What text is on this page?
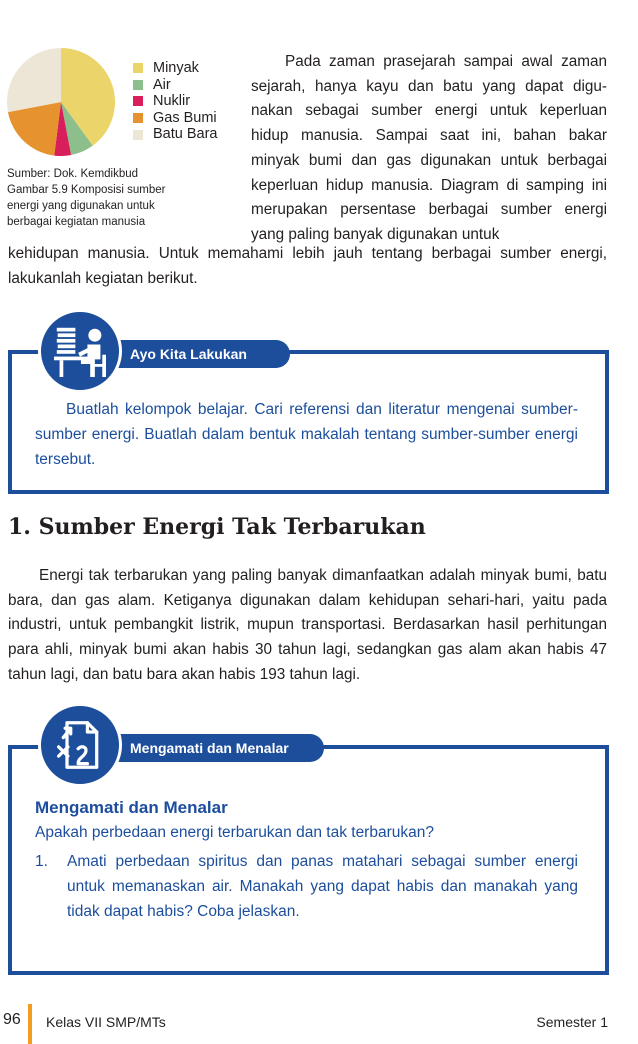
Minyak
Air
Nuklir
Gas Bumi
Batu Bara
Sumber: Dok. Kemdikbud
Gambar 5.9 Komposisi sumber
energi yang digunakan untuk
berbagai kegiatan manusia

Pada zaman prasejarah sampai awal zaman sejarah, hanya kayu dan batu yang dapat digu-nakan sebagai sumber energi untuk keperluan hidup manusia. Sampai saat ini, bahan bakar minyak bumi dan gas digunakan untuk berbagai keperluan hidup manusia. Diagram di samping ini merupakan persentase berbagai sumber energi yang paling banyak digunakan untuk

kehidupan manusia. Untuk memahami lebih jauh tentang berbagai sumber energi, lakukanlah kegiatan berikut.

Ayo Kita Lakukan

Buatlah kelompok belajar. Cari referensi dan literatur mengenai sumber-sumber energi. Buatlah dalam bentuk makalah tentang sumber-sumber energi tersebut.

1. Sumber Energi Tak Terbarukan

Energi tak terbarukan yang paling banyak dimanfaatkan adalah minyak bumi, batu bara, dan gas alam. Ketiganya digunakan dalam kehidupan sehari-hari, yaitu pada industri, untuk pembangkit listrik, mupun transportasi. Berdasarkan hasil perhitungan para ahli, minyak bumi akan habis 30 tahun lagi, sedangkan gas alam akan habis 47 tahun lagi, dan batu bara akan habis 193 tahun lagi.

Mengamati dan Menalar
Mengamati dan Menalar
Apakah perbedaan energi terbarukan dan tak terbarukan?
1.	Amati perbedaan spiritus dan panas matahari sebagai sumber energi untuk memanaskan air. Manakah yang dapat habis dan manakah yang tidak dapat habis? Coba jelaskan.
96 Kelas VII SMP/MTs	Semester 1
